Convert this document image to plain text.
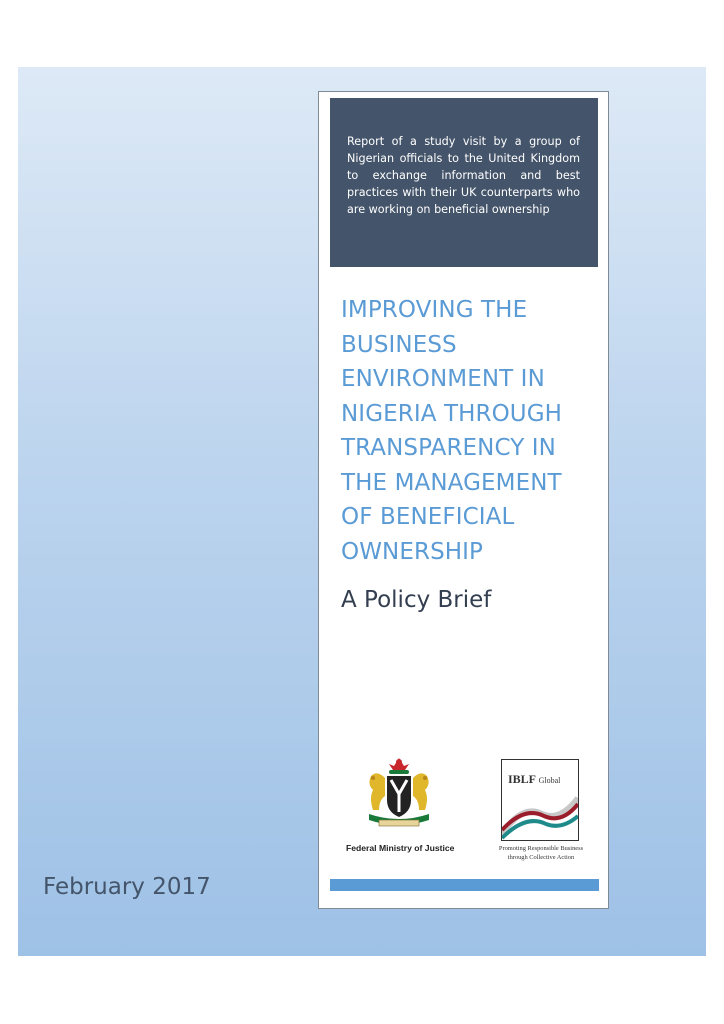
Report of a study visit by a group of Nigerian officials to the United Kingdom to exchange information and best practices with their UK counterparts who are working on beneficial ownership
IMPROVING THE
BUSINESS
ENVIRONMENT IN
NIGERIA THROUGH
TRANSPARENCY IN
THE MANAGEMENT
OF BENEFICIAL
OWNERSHIP
A Policy Brief
Federal Ministry of Justice
IBLF Global
Promoting Responsible Business
through Collective Action
February 2017
